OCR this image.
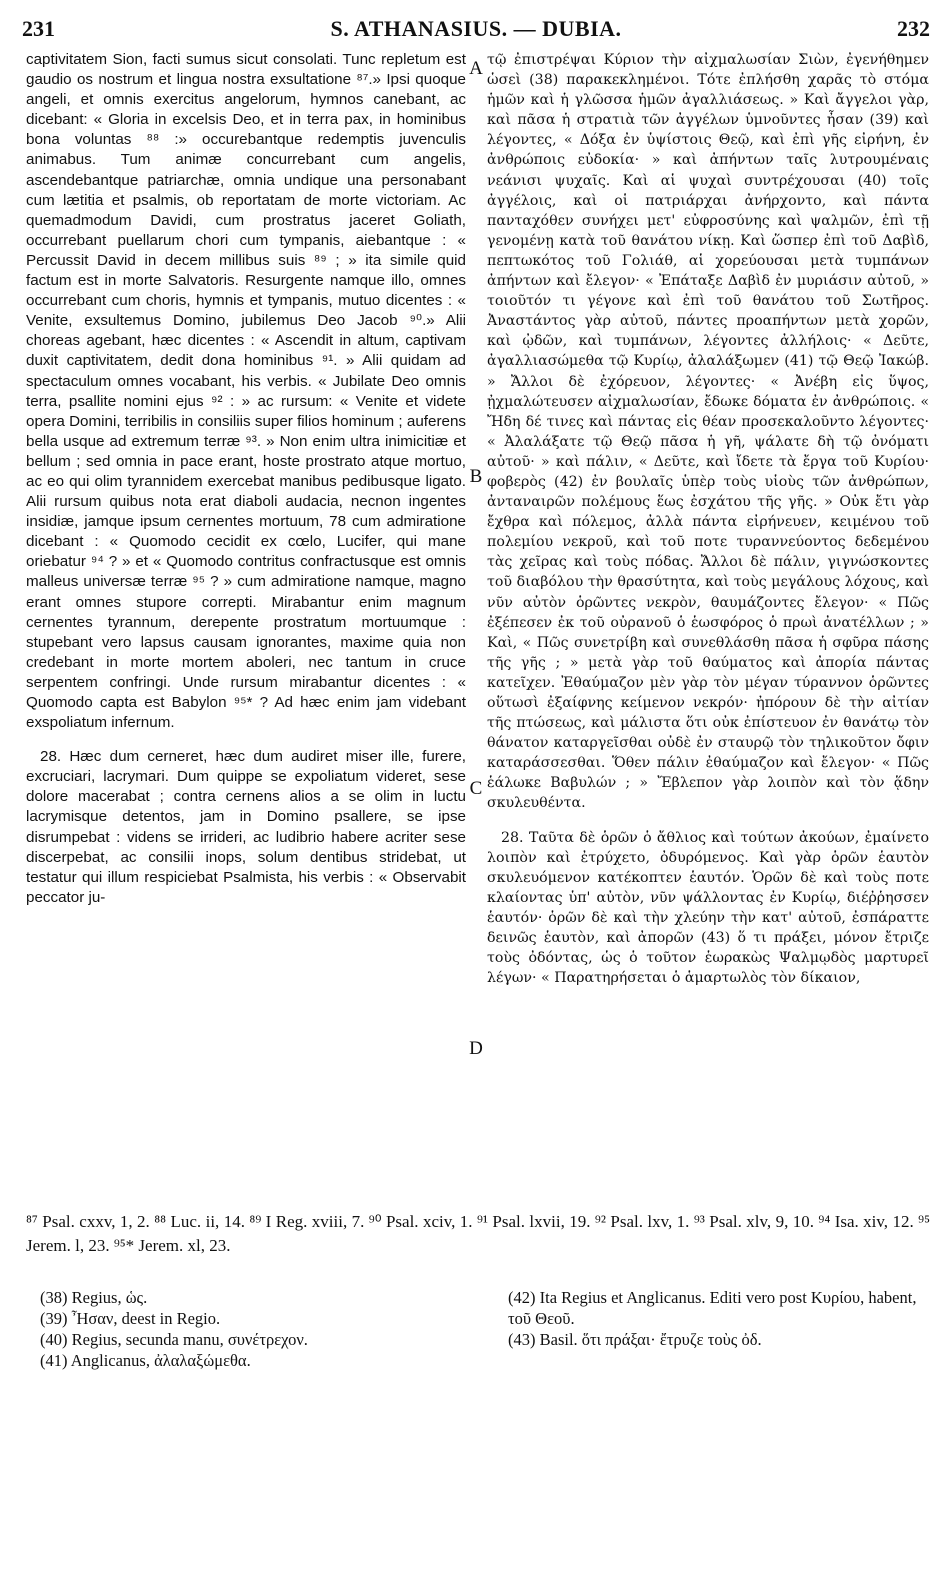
231	S. ATHANASIUS. — DUBIA.	232

captivitatem Sion, facti sumus sicut consolati. Tunc repletum est gaudio os nostrum et lingua nostra exsultatione ⁸⁷.» Ipsi quoque angeli, et omnis exercitus angelorum, hymnos canebant, ac dicebant: « Gloria in excelsis Deo, et in terra pax, in hominibus bona voluntas ⁸⁸ :» occurebantque redemptis juvenculis animabus. Tum animæ concurrebant cum angelis, ascendebantque patriarchæ, omnia undique una personabant cum lætitia et psalmis, ob reportatam de morte victoriam. Ac quemadmodum Davidi, cum prostratus jaceret Goliath, occurrebant puellarum chori cum tympanis, aiebantque : « Percussit David in decem millibus suis ⁸⁹ ; » ita simile quid factum est in morte Salvatoris. Resurgente namque illo, omnes occurrebant cum choris, hymnis et tympanis, mutuo dicentes : « Venite, exsultemus Domino, jubilemus Deo Jacob ⁹⁰.» Alii choreas agebant, hæc dicentes : « Ascendit in altum, captivam duxit captivitatem, dedit dona hominibus ⁹¹. » Alii quidam ad spectaculum omnes vocabant, his verbis. « Jubilate Deo omnis terra, psallite nomini ejus ⁹² : » ac rursum: « Venite et videte opera Domini, terribilis in consiliis super filios hominum ; auferens bella usque ad extremum terræ ⁹³. » Non enim ultra inimicitiæ et bellum ; sed omnia in pace erant, hoste prostrato atque mortuo, ac eo qui olim tyrannidem exercebat manibus pedibusque ligato. Alii rursum quibus nota erat diaboli audacia, necnon ingentes insidiæ, jamque ipsum cernentes mortuum, 78 cum admiratione dicebant : « Quomodo cecidit ex cœlo, Lucifer, qui mane oriebatur ⁹⁴ ? » et « Quomodo contritus confractusque est omnis malleus universæ terræ ⁹⁵ ? » cum admiratione namque, magno erant omnes stupore correpti. Mirabantur enim magnum cernentes tyrannum, derepente prostratum mortuumque : stupebant vero lapsus causam ignorantes, maxime quia non credebant in morte mortem aboleri, nec tantum in cruce serpentem confringi. Unde rursum mirabantur dicentes : « Quomodo capta est Babylon ⁹⁵* ? Ad hæc enim jam videbant exspoliatum infernum.

28. Hæc dum cerneret, hæc dum audiret miser ille, furere, excruciari, lacrymari. Dum quippe se expoliatum videret, sese dolore macerabat ; contra cernens alios a se olim in luctu lacrymisque detentos, jam in Domino psallere, se ipse disrumpebat : videns se irrideri, ac ludibrio habere acriter sese discerpebat, ac consilii inops, solum dentibus stridebat, ut testatur qui illum respiciebat Psalmista, his verbis : « Observabit peccator ju-

A
B
C
D

τῷ ἐπιστρέψαι Κύριον τὴν αἰχμαλωσίαν Σιὼν, ἐγενήθημεν ὡσεὶ (38) παρακεκλημένοι. Τότε ἐπλήσθη χαρᾶς τὸ στόμα ἡμῶν καὶ ἡ γλῶσσα ἡμῶν ἀγαλλιάσεως. » Καὶ ἄγγελοι γὰρ, καὶ πᾶσα ἡ στρατιὰ τῶν ἀγγέλων ὑμνοῦντες ἦσαν (39) καὶ λέγοντες, « Δόξα ἐν ὑψίστοις Θεῷ, καὶ ἐπὶ γῆς εἰρήνη, ἐν ἀνθρώποις εὐδοκία· » καὶ ἀπήντων ταῖς λυτρουμέναις νεάνισι ψυχαῖς. Καὶ αἱ ψυχαὶ συντρέχουσαι (40) τοῖς ἀγγέλοις, καὶ οἱ πατριάρχαι ἀνήρχοντο, καὶ πάντα πανταχόθεν συνήχει μετ' εὐφροσύνης καὶ ψαλμῶν, ἐπὶ τῇ γενομένῃ κατὰ τοῦ θανάτου νίκῃ. Καὶ ὥσπερ ἐπὶ τοῦ Δαβὶδ, πεπτωκότος τοῦ Γολιάθ, αἱ χορεύουσαι μετὰ τυμπάνων ἀπήντων καὶ ἔλεγον· « Ἐπάταξε Δαβὶδ ἐν μυριάσιν αὐτοῦ, » τοιοῦτόν τι γέγονε καὶ ἐπὶ τοῦ θανάτου τοῦ Σωτῆρος. Ἀναστάντος γὰρ αὐτοῦ, πάντες προαπήντων μετὰ χορῶν, καὶ ᾠδῶν, καὶ τυμπάνων, λέγοντες ἀλλήλοις· « Δεῦτε, ἀγαλλιασώμεθα τῷ Κυρίῳ, ἀλαλάξωμεν (41) τῷ Θεῷ Ἰακώβ. » Ἄλλοι δὲ ἐχόρευον, λέγοντες· « Ἀνέβη εἰς ὕψος, ᾐχμαλώτευσεν αἰχμαλωσίαν, ἔδωκε δόματα ἐν ἀνθρώποις. « Ἤδη δέ τινες καὶ πάντας εἰς θέαν προσεκαλοῦντο λέγοντες· « Ἀλαλάξατε τῷ Θεῷ πᾶσα ἡ γῆ, ψάλατε δὴ τῷ ὀνόματι αὐτοῦ· » καὶ πάλιν, « Δεῦτε, καὶ ἴδετε τὰ ἔργα τοῦ Κυρίου· φοβερὸς (42) ἐν βουλαῖς ὑπὲρ τοὺς υἱοὺς τῶν ἀνθρώπων, ἀνταναιρῶν πολέμους ἕως ἐσχάτου τῆς γῆς. » Οὐκ ἔτι γὰρ ἔχθρα καὶ πόλεμος, ἀλλὰ πάντα εἰρήνευεν, κειμένου τοῦ πολεμίου νεκροῦ, καὶ τοῦ ποτε τυραννεύοντος δεδεμένου τὰς χεῖρας καὶ τοὺς πόδας. Ἄλλοι δὲ πάλιν, γιγνώσκοντες τοῦ διαβόλου τὴν θρασύτητα, καὶ τοὺς μεγάλους λόχους, καὶ νῦν αὐτὸν ὁρῶντες νεκρὸν, θαυμάζοντες ἔλεγον· « Πῶς ἐξέπεσεν ἐκ τοῦ οὐρανοῦ ὁ ἑωσφόρος ὁ πρωὶ ἀνατέλλων ; » Καὶ, « Πῶς συνετρίβη καὶ συνεθλάσθη πᾶσα ἡ σφῦρα πάσης τῆς γῆς ; » μετὰ γὰρ τοῦ θαύματος καὶ ἀπορία πάντας κατεῖχεν. Ἐθαύμαζον μὲν γὰρ τὸν μέγαν τύραννον ὁρῶντες οὕτωσὶ ἐξαίφνης κείμενον νεκρόν· ἠπόρουν δὲ τὴν αἰτίαν τῆς πτώσεως, καὶ μάλιστα ὅτι οὐκ ἐπίστευον ἐν θανάτῳ τὸν θάνατον καταργεῖσθαι οὐδὲ ἐν σταυρῷ τὸν τηλικοῦτον ὄφιν καταράσσεσθαι. Ὅθεν πάλιν ἐθαύμαζον καὶ ἔλεγον· « Πῶς ἑάλωκε Βαβυλών ; » Ἔβλεπον γὰρ λοιπὸν καὶ τὸν ᾅδην σκυλευθέντα.

28. Ταῦτα δὲ ὁρῶν ὁ ἄθλιος καὶ τούτων ἀκούων, ἐμαίνετο λοιπὸν καὶ ἐτρύχετο, ὀδυρόμενος. Καὶ γὰρ ὁρῶν ἑαυτὸν σκυλευόμενον κατέκοπτεν ἑαυτόν. Ὁρῶν δὲ καὶ τοὺς ποτε κλαίοντας ὑπ' αὐτὸν, νῦν ψάλλοντας ἐν Κυρίῳ, διέῤῥησσεν ἑαυτόν· ὁρῶν δὲ καὶ τὴν χλεύην τὴν κατ' αὐτοῦ, ἐσπάραττε δεινῶς ἑαυτὸν, καὶ ἀπορῶν (43) ὅ τι πράξει, μόνον ἔτριζε τοὺς ὀδόντας, ὡς ὁ τοῦτον ἑωρακὼς Ψαλμῳδὸς μαρτυρεῖ λέγων· « Παρατηρήσεται ὁ ἁμαρτωλὸς τὸν δίκαιον,

⁸⁷ Psal. cxxv, 1, 2. ⁸⁸ Luc. ii, 14. ⁸⁹ I Reg. xviii, 7. ⁹⁰ Psal. xciv, 1. ⁹¹ Psal. lxvii, 19. ⁹² Psal. lxv, 1. ⁹³ Psal. xlv, 9, 10. ⁹⁴ Isa. xiv, 12. ⁹⁵ Jerem. l, 23. ⁹⁵* Jerem. xl, 23.

(38) Regius, ὡς.
(39) Ἦσαν, deest in Regio.
(40) Regius, secunda manu, συνέτρεχον.
(41) Anglicanus, ἀλαλαξώμεθα.
(42) Ita Regius et Anglicanus. Editi vero post Κυρίου, habent, τοῦ Θεοῦ.
(43) Basil. ὅτι πράξαι· ἔτρυζε τοὺς ὀδ.
